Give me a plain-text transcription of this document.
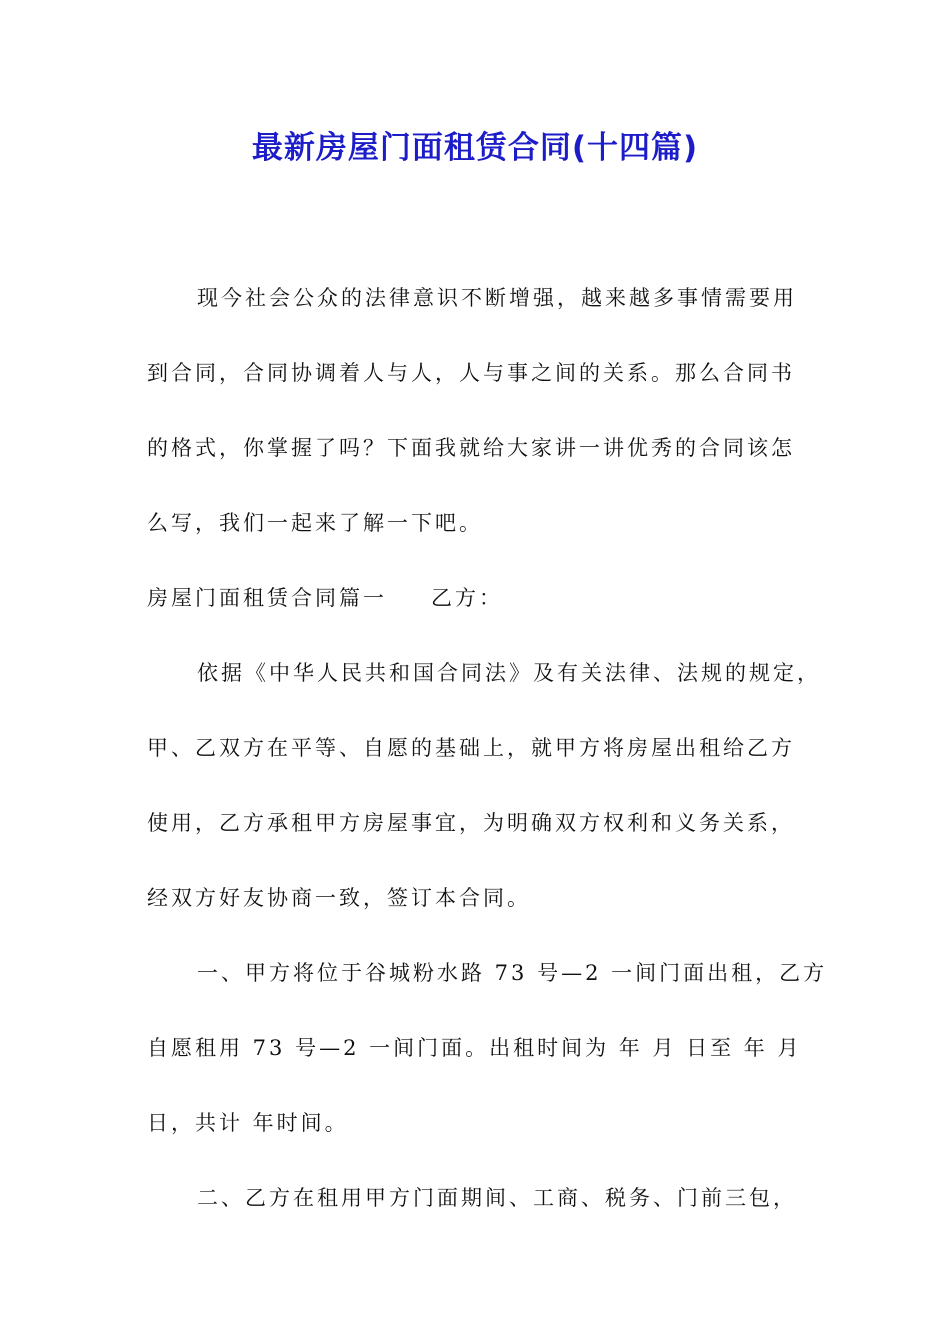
最新房屋门面租赁合同(十四篇)
现今社会公众的法律意识不断增强，越来越多事情需要用
到合同，合同协调着人与人，人与事之间的关系。那么合同书
的格式，你掌握了吗？下面我就给大家讲一讲优秀的合同该怎
么写，我们一起来了解一下吧。
房屋门面租赁合同篇一 乙方：
依据《中华人民共和国合同法》及有关法律、法规的规定，
甲、乙双方在平等、自愿的基础上，就甲方将房屋出租给乙方
使用，乙方承租甲方房屋事宜，为明确双方权利和义务关系，
经双方好友协商一致，签订本合同。
一、甲方将位于谷城粉水路 73 号—2 一间门面出租，乙方
自愿租用 73 号—2 一间门面。出租时间为 年 月 日至 年 月
日，共计 年时间。
二、乙方在租用甲方门面期间、工商、税务、门前三包，
